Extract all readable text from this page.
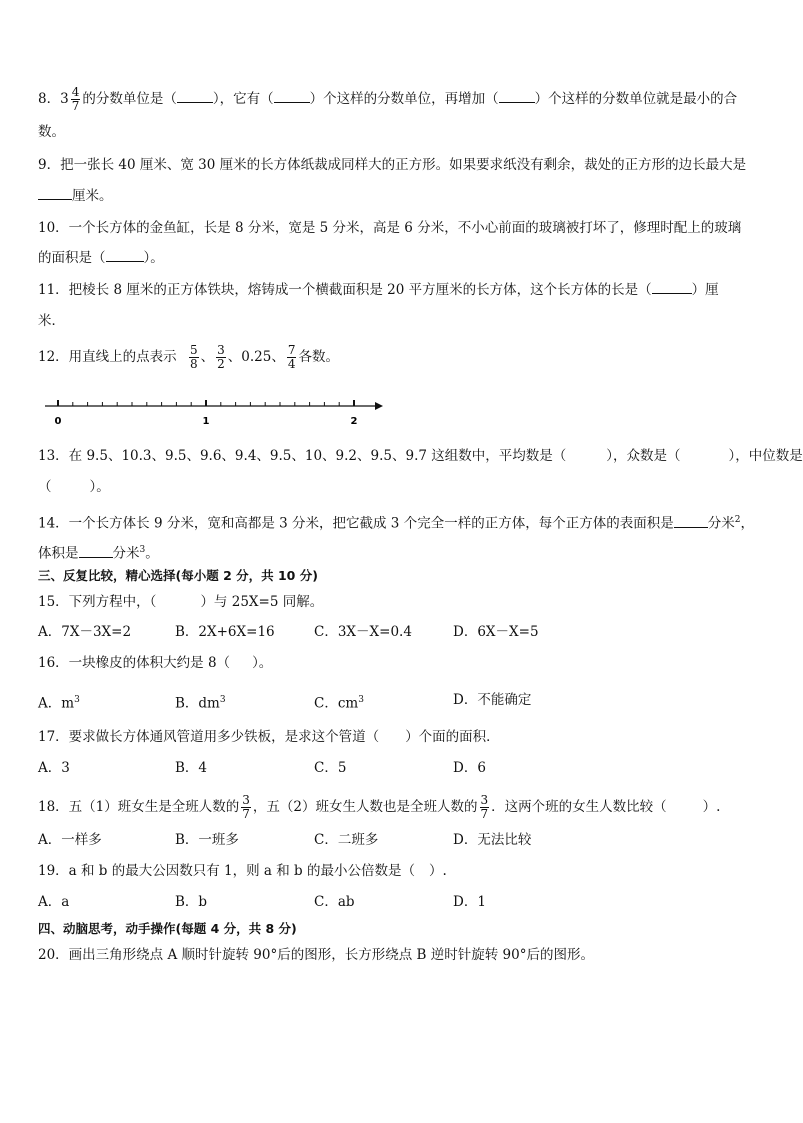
8．$3 \frac{4}{7}$ 的分数单位是（	），它有（	）个这样的分数单位，再增加（	）个这样的分数单位就是最小的合
数。
9．把一张长 40 厘米、宽 30 厘米的长方体纸裁成同样大的正方形。如果要求纸没有剩余，裁处的正方形的边长最大是
厘米。
10．一个长方体的金鱼缸，长是 8 分米，宽是 5 分米，高是 6 分米，不小心前面的玻璃被打坏了，修理时配上的玻璃
的面积是（	）。
11．把棱长 8 厘米的正方体铁块，熔铸成一个横截面积是 20 平方厘米的长方体，这个长方体的长是（	）厘
米．
12．用直线上的点表示 $\frac{5}{8}$ 、 $\frac{3}{2}$ 、0.25、 $\frac{7}{4}$ 各数。
0	1	2
13．在 9.5、10.3、9.5、9.6、9.4、9.5、10、9.2、9.5、9.7 这组数中，平均数是（	），众数是（	），中位数是
（	）。
14．一个长方体长 9 分米，宽和高都是 3 分米，把它截成 3 个完全一样的正方体，每个正方体的表面积是	分米$^2$，
体积是	分米$^3$。
三、反复比较，精心选择(每小题 2 分，共 10 分)
15．下列方程中，（	）与 25X=5 同解。
A．7X－3X=2	B．2X+6X=16	C．3X－X=0.4	D．6X－X=5
16．一块橡皮的体积大约是 8（ ）。
A．$m^3$	B．$dm^3$	C．$cm^3$	D．不能确定
17．要求做长方体通风管道用多少铁板，是求这个管道（ ）个面的面积．
A．3	B．4	C．5	D．6
18．五（1）班女生是全班人数的 $\frac{3}{7}$ ，五（2）班女生人数也是全班人数的 $\frac{3}{7}$ ．这两个班的女生人数比较（	）.
A．一样多	B．一班多	C．二班多	D．无法比较
19．a 和 b 的最大公因数只有 1，则 a 和 b 的最小公倍数是（ ）.
A．a	B．b	C．ab	D．1
四、动脑思考，动手操作(每题 4 分，共 8 分)
20．画出三角形绕点 A 顺时针旋转 90°后的图形，长方形绕点 B 逆时针旋转 90°后的图形。
